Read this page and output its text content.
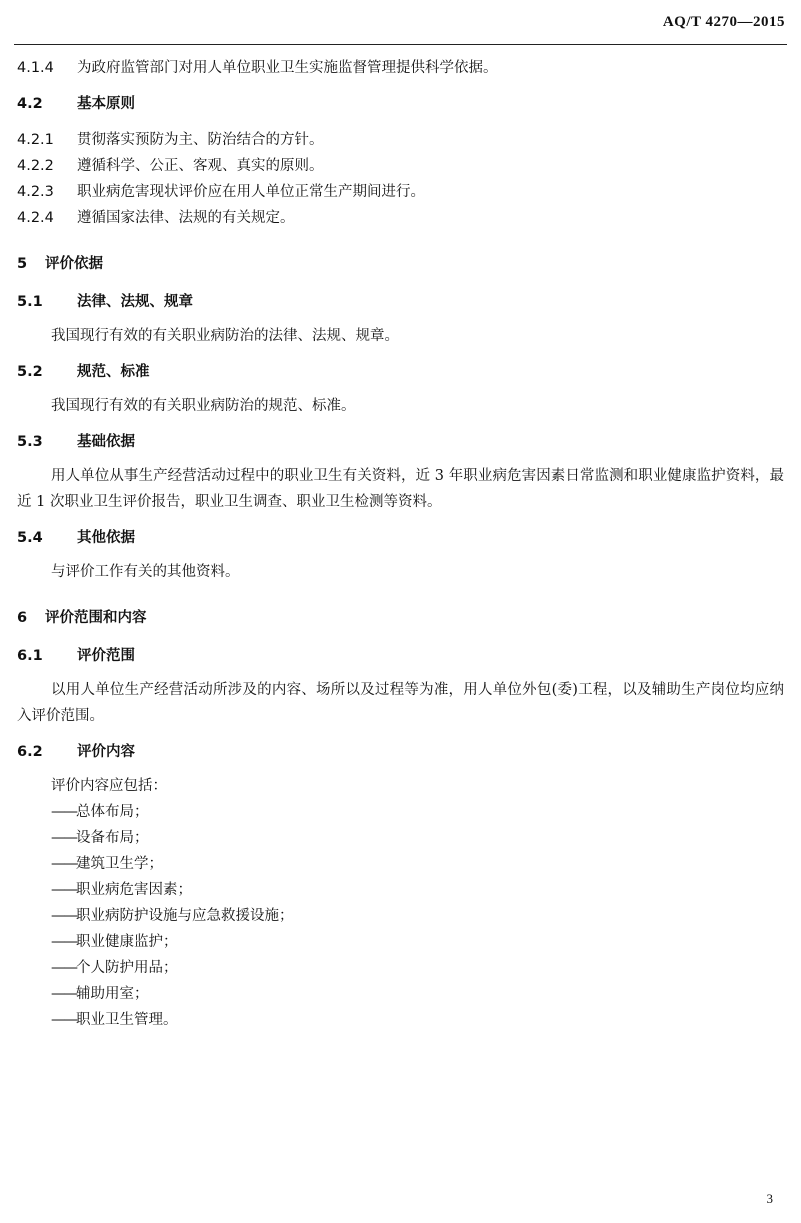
AQ/T 4270—2015
4.1.4 为政府监管部门对用人单位职业卫生实施监督管理提供科学依据。
4.2 基本原则
4.2.1 贯彻落实预防为主、防治结合的方针。
4.2.2 遵循科学、公正、客观、真实的原则。
4.2.3 职业病危害现状评价应在用人单位正常生产期间进行。
4.2.4 遵循国家法律、法规的有关规定。
5 评价依据
5.1 法律、法规、规章
我国现行有效的有关职业病防治的法律、法规、规章。
5.2 规范、标准
我国现行有效的有关职业病防治的规范、标准。
5.3 基础依据
用人单位从事生产经营活动过程中的职业卫生有关资料，近 3 年职业病危害因素日常监测和职业健康监护资料，最近 1 次职业卫生评价报告，职业卫生调查、职业卫生检测等资料。
5.4 其他依据
与评价工作有关的其他资料。
6 评价范围和内容
6.1 评价范围
以用人单位生产经营活动所涉及的内容、场所以及过程等为准，用人单位外包(委)工程，以及辅助生产岗位均应纳入评价范围。
6.2 评价内容
评价内容应包括：
——总体布局；
——设备布局；
——建筑卫生学；
——职业病危害因素；
——职业病防护设施与应急救援设施；
——职业健康监护；
——个人防护用品；
——辅助用室；
——职业卫生管理。
3
